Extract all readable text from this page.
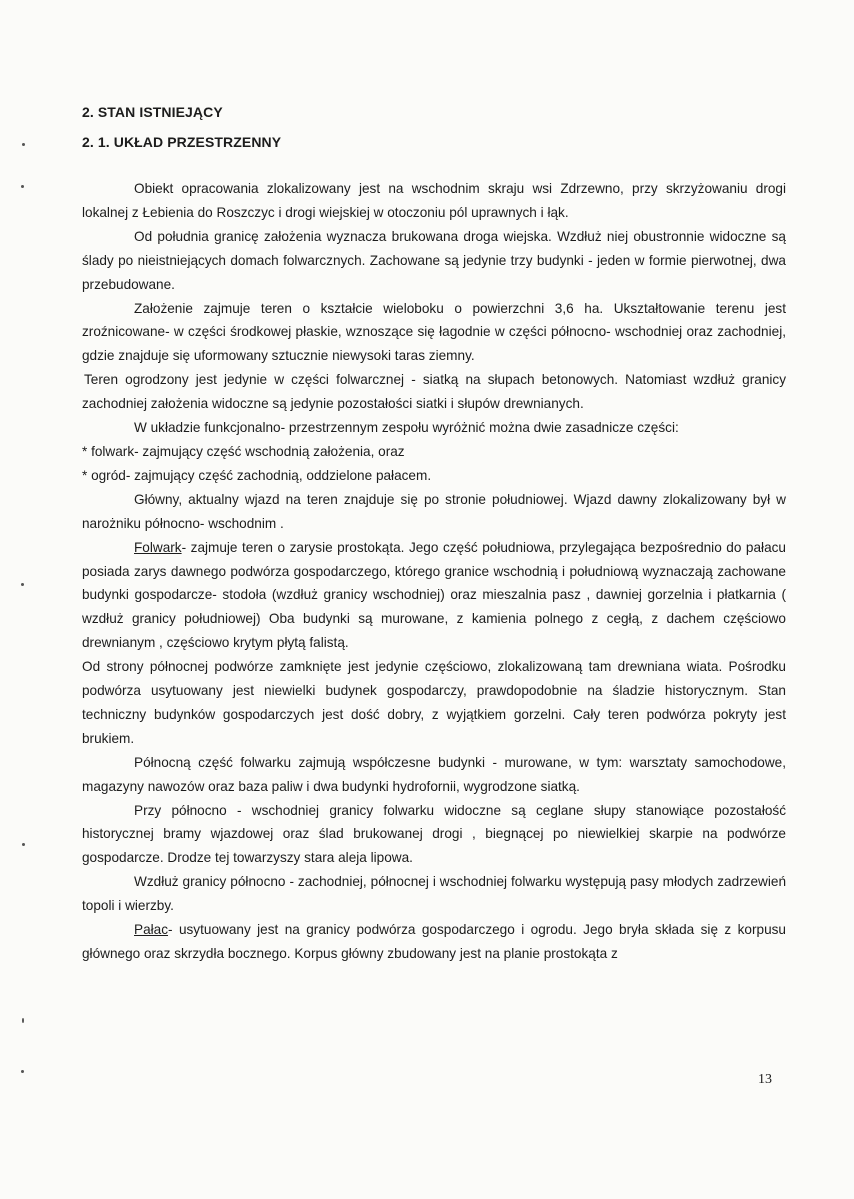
2. STAN ISTNIEJĄCY
2. 1. UKŁAD PRZESTRZENNY

Obiekt opracowania zlokalizowany jest na wschodnim skraju wsi Zdrzewno, przy skrzyżowaniu drogi lokalnej z Łebienia do Roszczyc i drogi wiejskiej w otoczoniu pól uprawnych i łąk.

Od południa granicę założenia wyznacza brukowana droga wiejska. Wzdłuż niej obustronnie widoczne są ślady po nieistniejących domach folwarcznych. Zachowane są jedynie trzy budynki - jeden w formie pierwotnej, dwa przebudowane.

Założenie zajmuje teren o kształcie wieloboku o powierzchni 3,6 ha. Ukształtowanie terenu jest zroźnicowane- w części środkowej płaskie, wznoszące się łagodnie w części północno- wschodniej oraz zachodniej, gdzie znajduje się uformowany sztucznie niewysoki taras ziemny.

Teren ogrodzony jest jedynie w części folwarcznej - siatką na słupach betonowych. Natomiast wzdłuż granicy zachodniej założenia widoczne są jedynie pozostałości siatki i słupów drewnianych.

W układzie funkcjonalno- przestrzennym zespołu wyróżnić można dwie zasadnicze części:

* folwark- zajmujący część wschodnią założenia, oraz

* ogród- zajmujący część zachodnią, oddzielone pałacem.

Główny, aktualny wjazd na teren znajduje się po stronie południowej. Wjazd dawny zlokalizowany był w narożniku północno- wschodnim .

Folwark- zajmuje teren o zarysie prostokąta. Jego część południowa, przylegająca bezpośrednio do pałacu posiada zarys dawnego podwórza gospodarczego, którego granice wschodnią i południową wyznaczają zachowane budynki gospodarcze- stodoła (wzdłuż granicy wschodniej) oraz mieszalnia pasz , dawniej gorzelnia i płatkarnia ( wzdłuż granicy południowej) Oba budynki są murowane, z kamienia polnego z cegłą, z dachem częściowo drewnianym , częściowo krytym płytą falistą.

Od strony północnej podwórze zamknięte jest jedynie częściowo, zlokalizowaną tam drewniana wiata. Pośrodku podwórza usytuowany jest niewielki budynek gospodarczy, prawdopodobnie na śladzie historycznym. Stan techniczny budynków gospodarczych jest dość dobry, z wyjątkiem gorzelni. Cały teren podwórza pokryty jest brukiem.

Północną część folwarku zajmują współczesne budynki - murowane, w tym: warsztaty samochodowe, magazyny nawozów oraz baza paliw i dwa budynki hydrofornii, wygrodzone siatką.

Przy północno - wschodniej granicy folwarku widoczne są ceglane słupy stanowiące pozostałość historycznej bramy wjazdowej oraz ślad brukowanej drogi , biegnącej po niewielkiej skarpie na podwórze gospodarcze. Drodze tej towarzyszy stara aleja lipowa.

Wzdłuż granicy północno - zachodniej, północnej i wschodniej folwarku występują pasy młodych zadrzewień topoli i wierzby.

Pałac- usytuowany jest na granicy podwórza gospodarczego i ogrodu. Jego bryła składa się z korpusu głównego oraz skrzydła bocznego. Korpus główny zbudowany jest na planie prostokąta z

13
